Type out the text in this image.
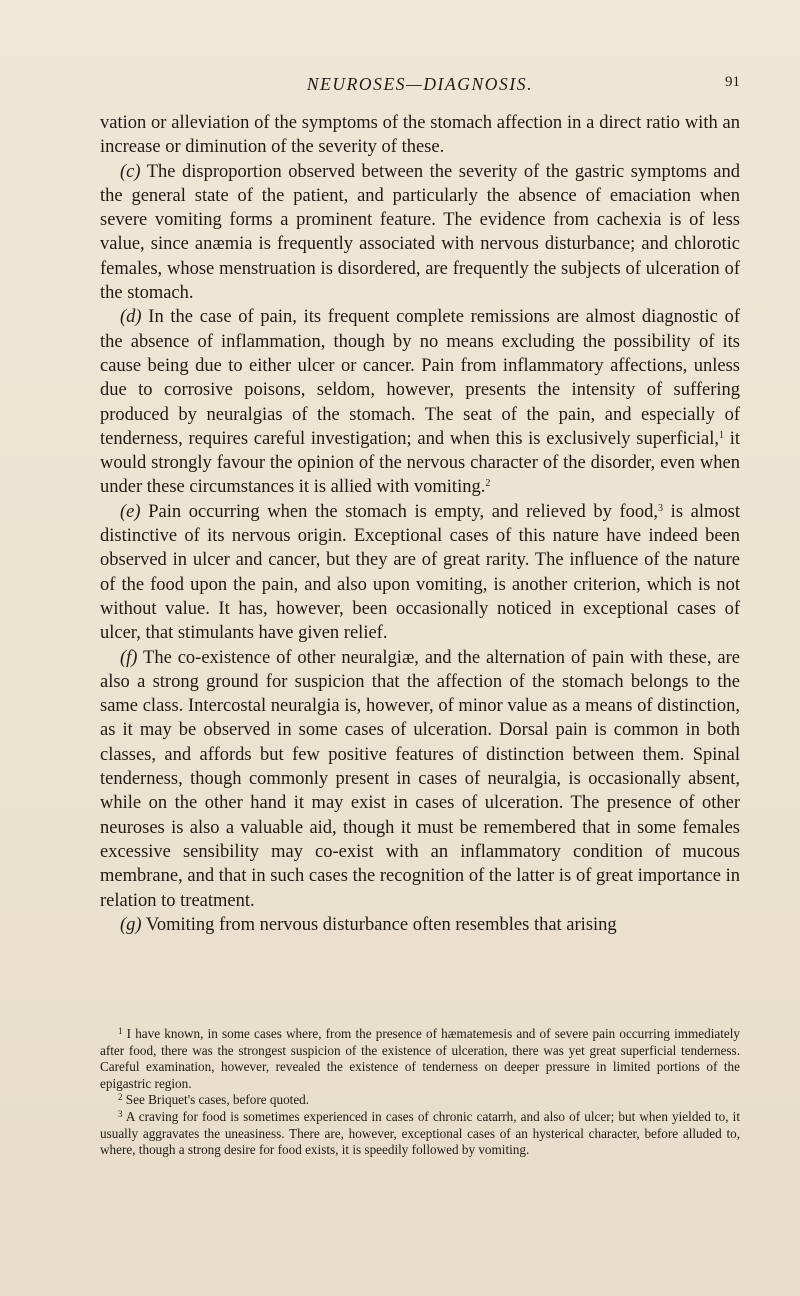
NEUROSES—DIAGNOSIS.	91

vation or alleviation of the symptoms of the stomach affection in a direct ratio with an increase or diminution of the severity of these.

(c) The disproportion observed between the severity of the gastric symptoms and the general state of the patient, and particularly the absence of emaciation when severe vomiting forms a prominent feature. The evidence from cachexia is of less value, since anæmia is frequently associated with nervous disturbance; and chlorotic females, whose menstruation is disordered, are frequently the subjects of ulceration of the stomach.

(d) In the case of pain, its frequent complete remissions are almost diagnostic of the absence of inflammation, though by no means excluding the possibility of its cause being due to either ulcer or cancer. Pain from inflammatory affections, unless due to corrosive poisons, seldom, however, presents the intensity of suffering produced by neuralgias of the stomach. The seat of the pain, and especially of tenderness, requires careful investigation; and when this is exclusively superficial,$^1$ it would strongly favour the opinion of the nervous character of the disorder, even when under these circumstances it is allied with vomiting.$^2$

(e) Pain occurring when the stomach is empty, and relieved by food,$^3$ is almost distinctive of its nervous origin. Exceptional cases of this nature have indeed been observed in ulcer and cancer, but they are of great rarity. The influence of the nature of the food upon the pain, and also upon vomiting, is another criterion, which is not without value. It has, however, been occasionally noticed in exceptional cases of ulcer, that stimulants have given relief.

(f) The co-existence of other neuralgiæ, and the alternation of pain with these, are also a strong ground for suspicion that the affection of the stomach belongs to the same class. Intercostal neuralgia is, however, of minor value as a means of distinction, as it may be observed in some cases of ulceration. Dorsal pain is common in both classes, and affords but few positive features of distinction between them. Spinal tenderness, though commonly present in cases of neuralgia, is occasionally absent, while on the other hand it may exist in cases of ulceration. The presence of other neuroses is also a valuable aid, though it must be remembered that in some females excessive sensibility may co-exist with an inflammatory condition of mucous membrane, and that in such cases the recognition of the latter is of great importance in relation to treatment.

(g) Vomiting from nervous disturbance often resembles that arising

$^1$ I have known, in some cases where, from the presence of hæmatemesis and of severe pain occurring immediately after food, there was the strongest suspicion of the existence of ulceration, there was yet great superficial tenderness. Careful examination, however, revealed the existence of tenderness on deeper pressure in limited portions of the epigastric region.

$^2$ See Briquet's cases, before quoted.

$^3$ A craving for food is sometimes experienced in cases of chronic catarrh, and also of ulcer; but when yielded to, it usually aggravates the uneasiness. There are, however, exceptional cases of an hysterical character, before alluded to, where, though a strong desire for food exists, it is speedily followed by vomiting.
